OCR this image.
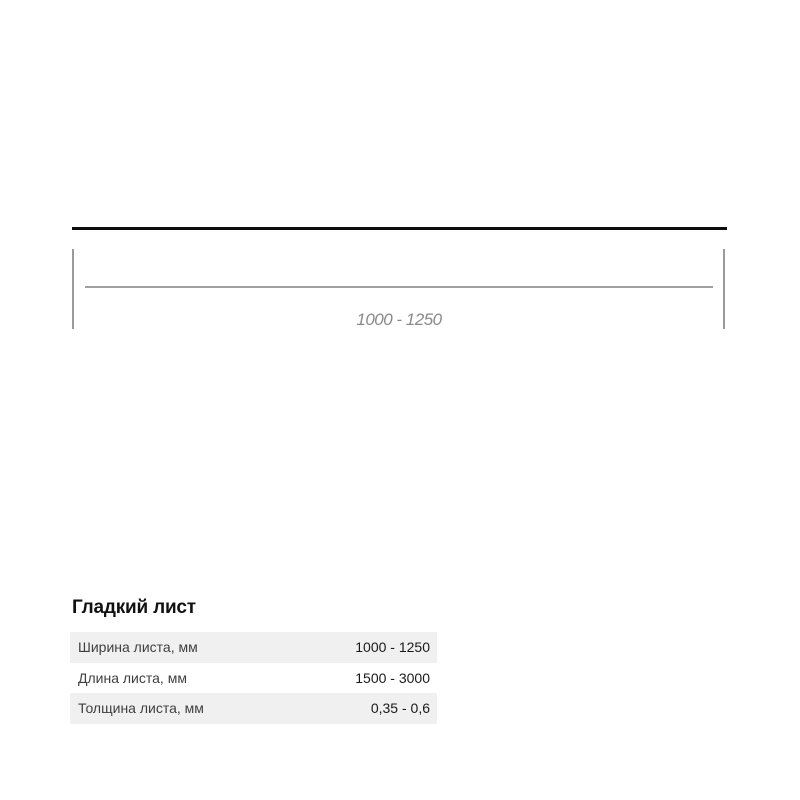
1000 - 1250
Гладкий лист
Ширина листа, мм	1000 - 1250
Длина листа, мм	1500 - 3000
Толщина листа, мм	0,35 - 0,6
